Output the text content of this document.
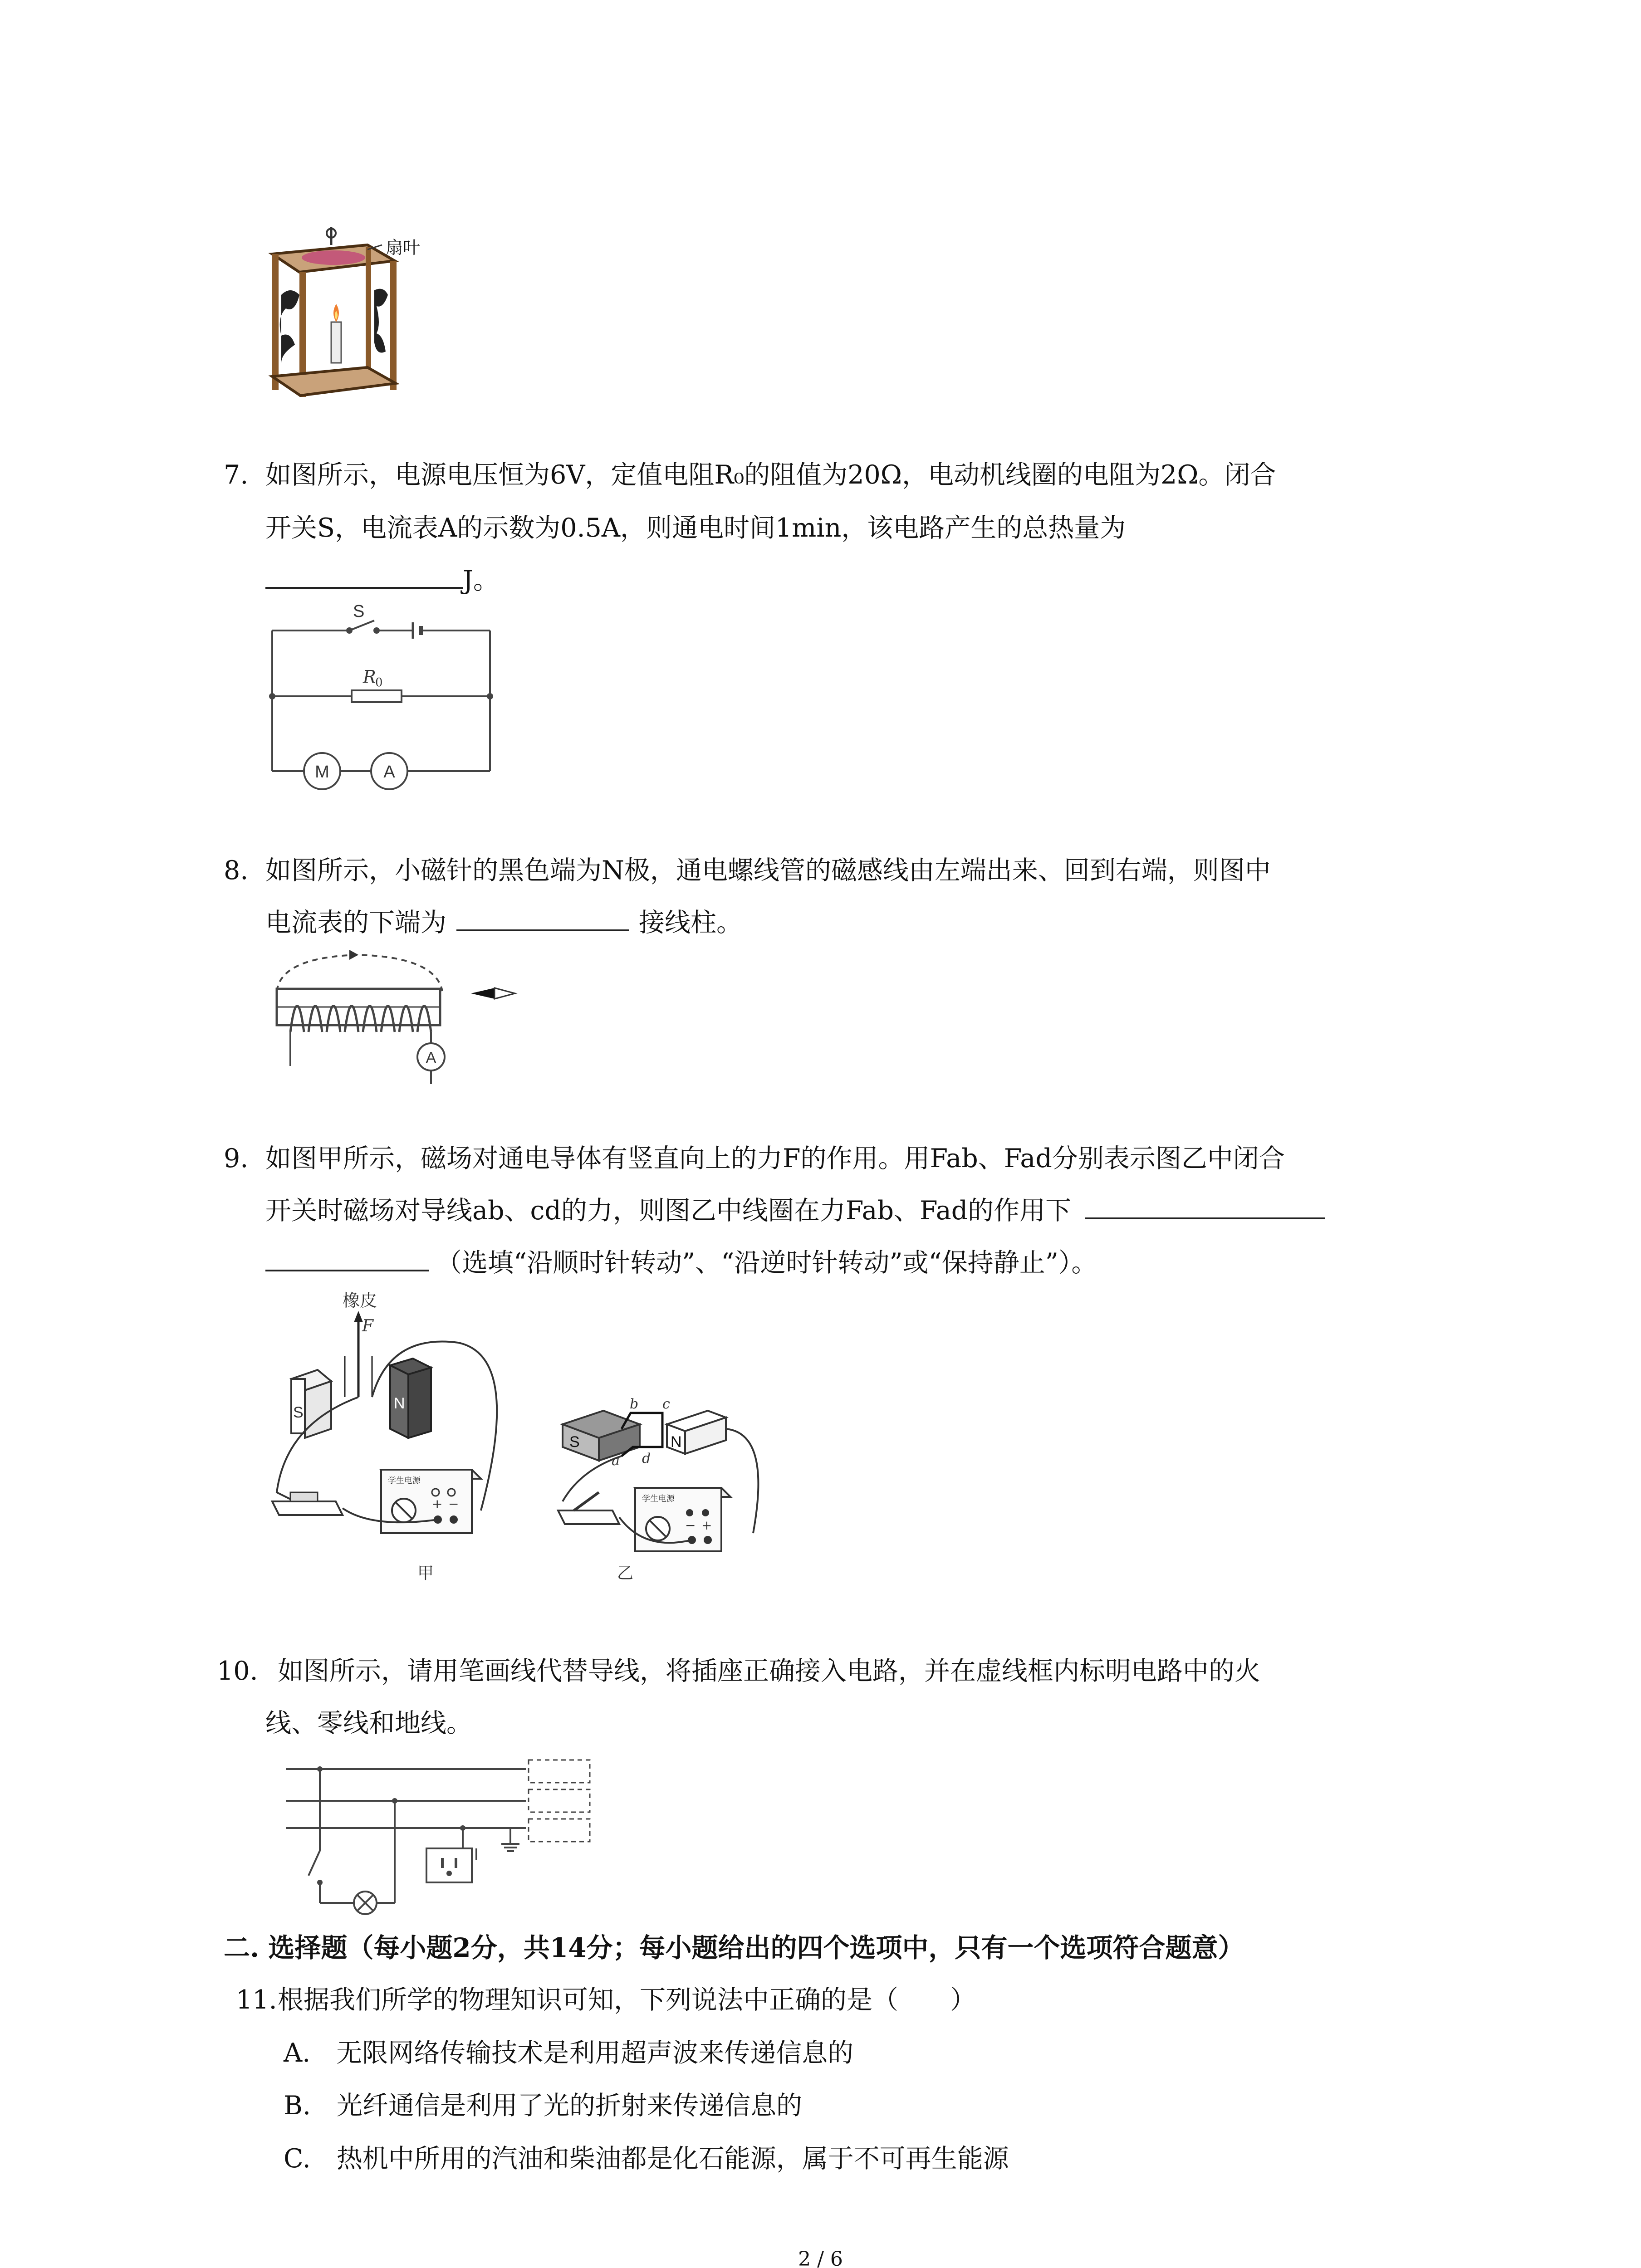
扇叶
7. 如图所示，电源电压恒为6V，定值电阻R₀的阻值为20Ω，电动机线圈的电阻为2Ω。闭合
开关S，电流表A的示数为0.5A，则通电时间1min，该电路产生的总热量为
J。
S
R
0
M	A
8. 如图所示，小磁针的黑色端为N极，通电螺线管的磁感线由左端出来、回到右端，则图中
电流表的下端为	接线柱。
A
9. 如图甲所示，磁场对通电导体有竖直向上的力F的作用。用Fab、Fad分别表示图乙中闭合
开关时磁场对导线ab、cd的力，则图乙中线圈在力Fab、Fad的作用下
（选填“沿顺时针转动”、“沿逆时针转动”或“保持静止”）。
橡皮
F
S
N
学生电源
+ −
甲
S	N
b c
a d
学生电源
− +
乙
10. 如图所示，请用笔画线代替导线，将插座正确接入电路，并在虚线框内标明电路中的火
线、零线和地线。
二. 选择题（每小题2分，共14分；每小题给出的四个选项中，只有一个选项符合题意）
11. 根据我们所学的物理知识可知，下列说法中正确的是（　　）
A.　无限网络传输技术是利用超声波来传递信息的
B.　光纤通信是利用了光的折射来传递信息的
C.　热机中所用的汽油和柴油都是化石能源，属于不可再生能源
2 / 6
